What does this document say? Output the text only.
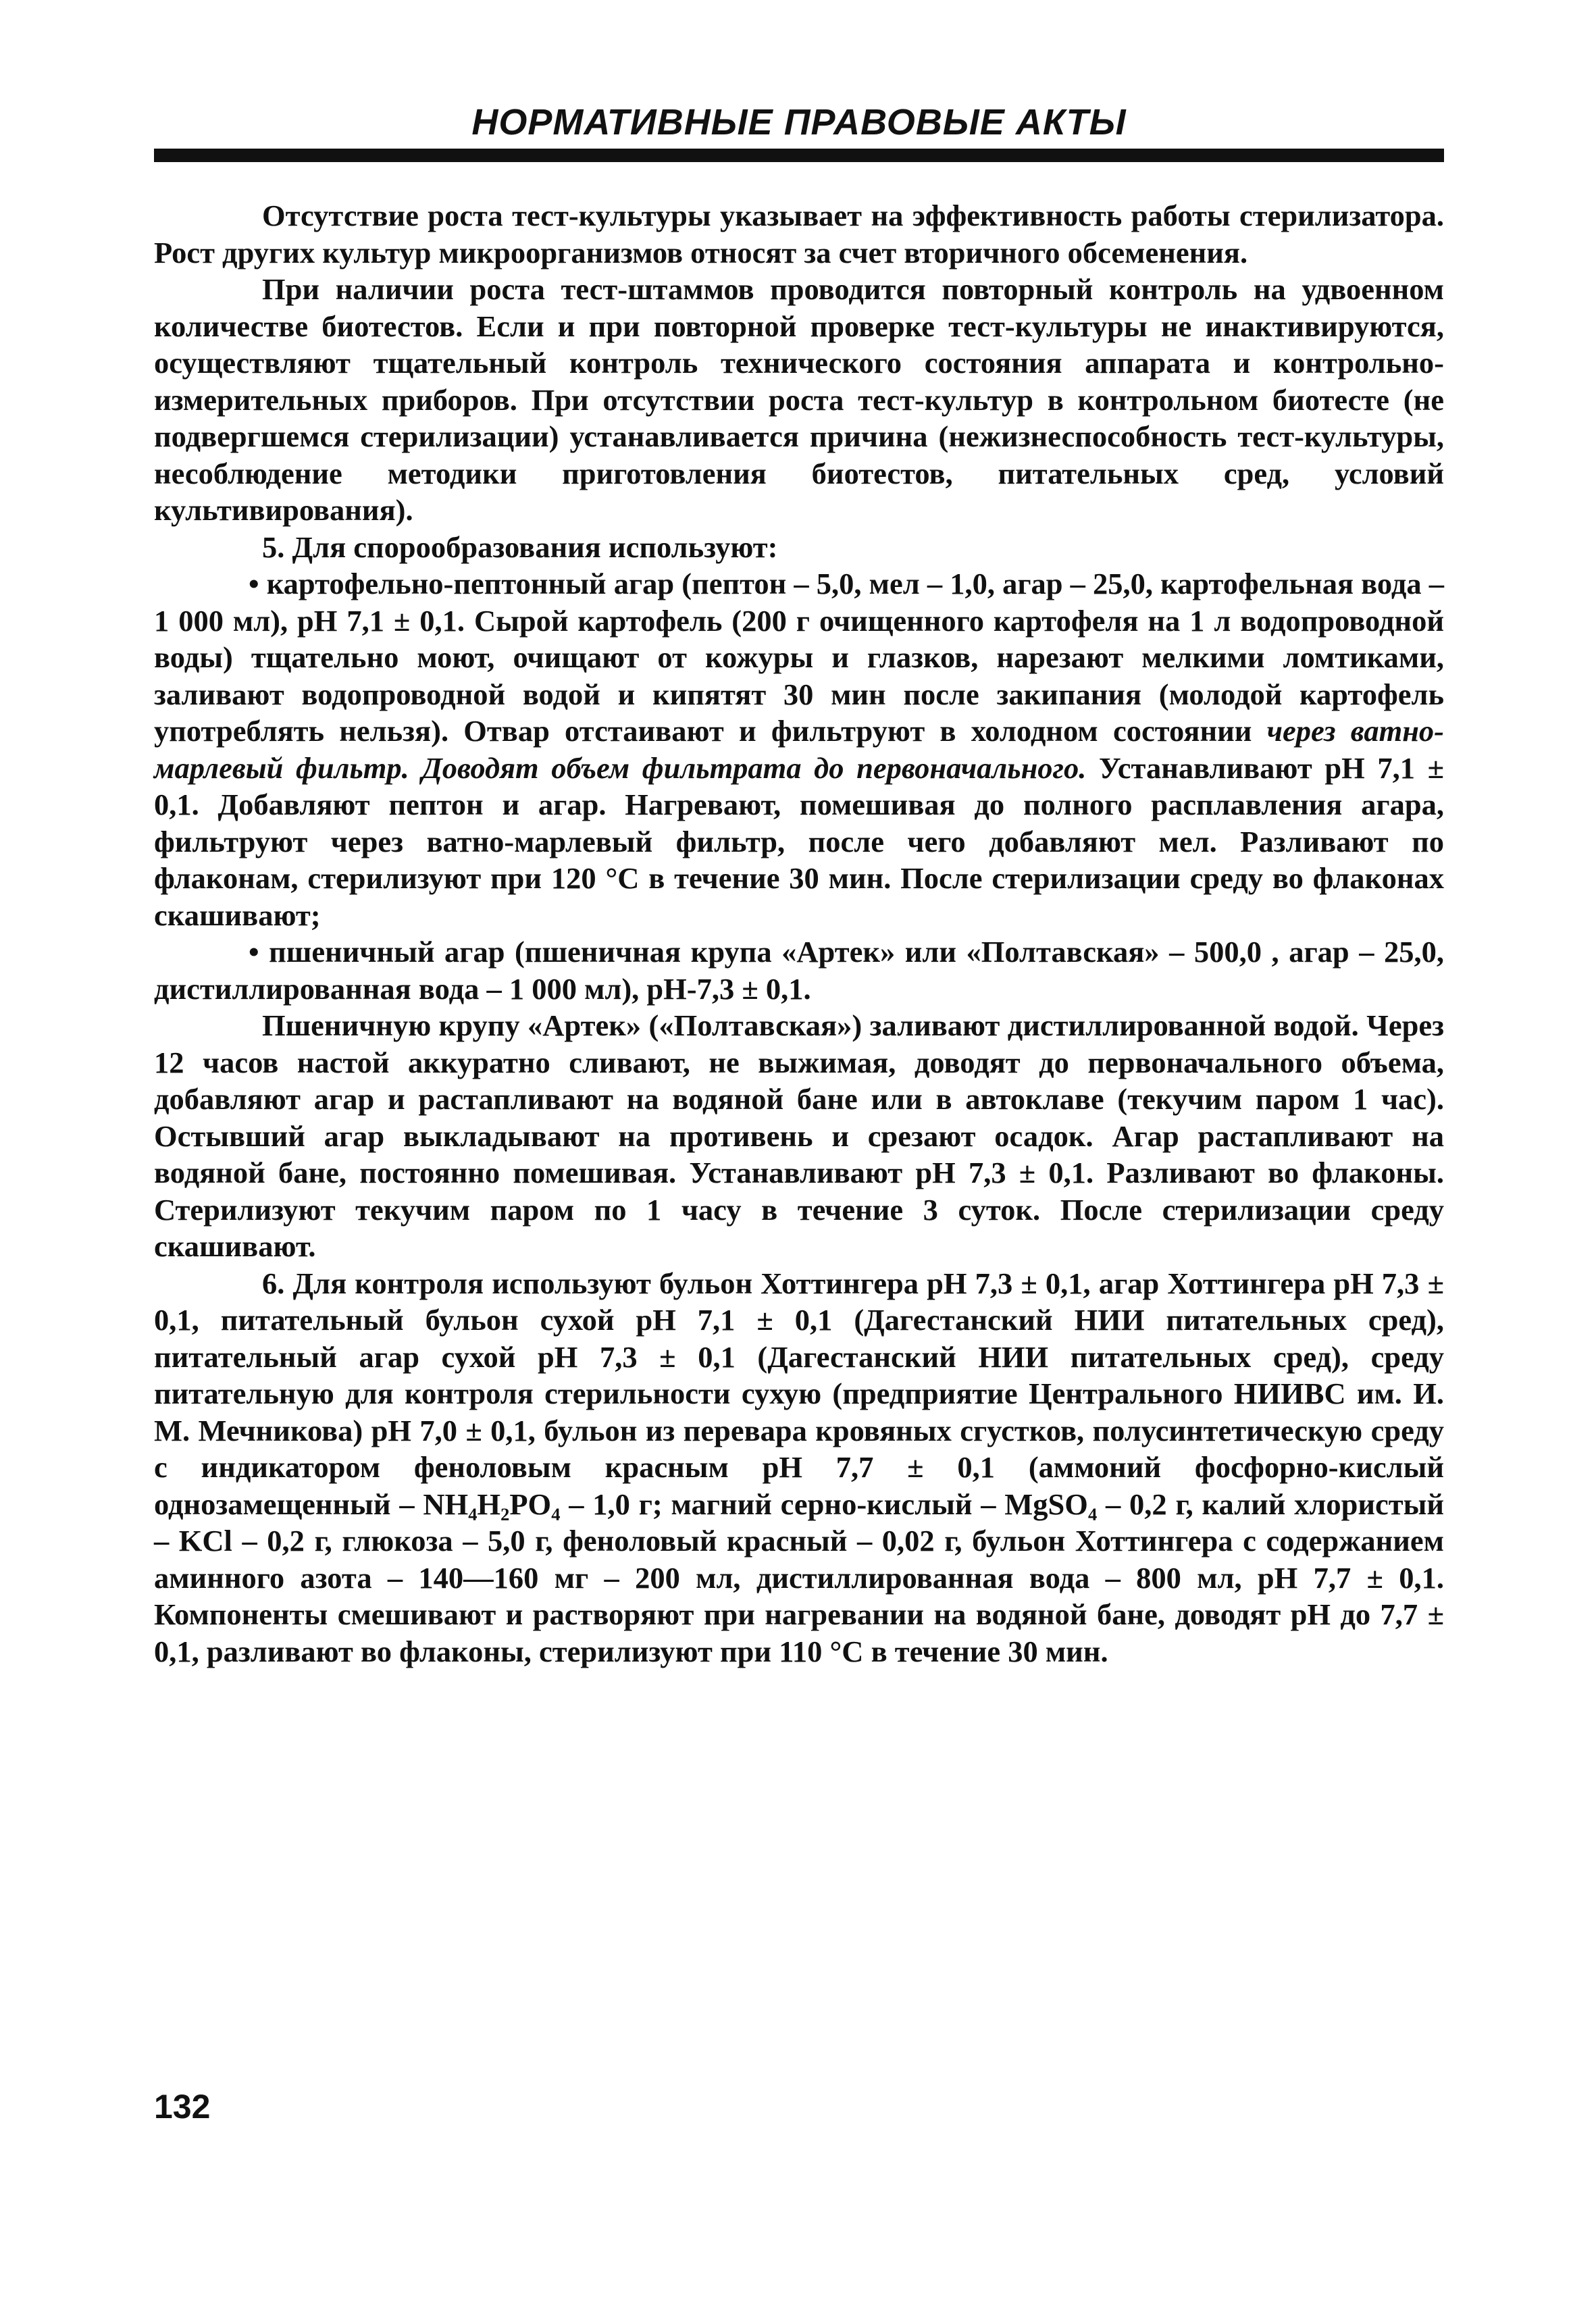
НОРМАТИВНЫЕ ПРАВОВЫЕ АКТЫ

Отсутствие роста тест-культуры указывает на эффективность работы стерилизатора. Рост других культур микроорганизмов относят за счет вторичного обсеменения.

При наличии роста тест-штаммов проводится повторный контроль на удвоенном количестве биотестов. Если и при повторной проверке тест-культуры не инактивируются, осуществляют тщательный контроль технического состояния аппарата и контрольно-измерительных приборов. При отсутствии роста тест-культур в контрольном биотесте (не подвергшемся стерилизации) устанавливается причина (нежизнеспособность тест-культуры, несоблюдение методики приготовления биотестов, питательных сред, условий культивирования).

5. Для спорообразования используют:

• картофельно-пептонный агар (пептон – 5,0, мел – 1,0, агар – 25,0, картофельная вода – 1 000 мл), рН 7,1 ± 0,1. Сырой картофель (200 г очищенного картофеля на 1 л водопроводной воды) тщательно моют, очищают от кожуры и глазков, нарезают мелкими ломтиками, заливают водопроводной водой и кипятят 30 мин после закипания (молодой картофель употреблять нельзя). Отвар отстаивают и фильтруют в холодном состоянии через ватно-марлевый фильтр. Доводят объем фильтрата до первоначального. Устанавливают рН 7,1 ± 0,1. Добавляют пептон и агар. Нагревают, помешивая до полного расплавления агара, фильтруют через ватно-марлевый фильтр, после чего добавляют мел. Разливают по флаконам, стерилизуют при 120 °С в течение 30 мин. После стерилизации среду во флаконах скашивают;

• пшеничный агар (пшеничная крупа «Артек» или «Полтавская» – 500,0 , агар – 25,0, дистиллированная вода – 1 000 мл), рН-7,3 ± 0,1.

Пшеничную крупу «Артек» («Полтавская») заливают дистиллированной водой. Через 12 часов настой аккуратно сливают, не выжимая, доводят до первоначального объема, добавляют агар и растапливают на водяной бане или в автоклаве (текучим паром 1 час). Остывший агар выкладывают на противень и срезают осадок. Агар растапливают на водяной бане, постоянно помешивая. Устанавливают рН 7,3 ± 0,1. Разливают во флаконы. Стерилизуют текучим паром по 1 часу в течение 3 суток. После стерилизации среду скашивают.

6. Для контроля используют бульон Хоттингера рН 7,3 ± 0,1, агар Хоттингера рН 7,3 ± 0,1, питательный бульон сухой рН 7,1 ± 0,1 (Дагестанский НИИ питательных сред), питательный агар сухой рН 7,3 ± 0,1 (Дагестанский НИИ питательных сред), среду питательную для контроля стерильности сухую (предприятие Центрального НИИВС им. И. М. Мечникова) рН 7,0 ± 0,1, бульон из перевара кровяных сгустков, полусинтетическую среду с индикатором феноловым красным рН 7,7 ± 0,1 (аммоний фосфорно-кислый однозамещенный – NH₄H₂PO₄ – 1,0 г; магний серно-кислый – MgSO₄ – 0,2 г, калий хлористый – KCl – 0,2 г, глюкоза – 5,0 г, феноловый красный – 0,02 г, бульон Хоттингера с содержанием аминного азота – 140—160 мг – 200 мл, дистиллированная вода – 800 мл, рН 7,7 ± 0,1. Компоненты смешивают и растворяют при нагревании на водяной бане, доводят рН до 7,7 ± 0,1, разливают во флаконы, стерилизуют при 110 °С в течение 30 мин.

132
